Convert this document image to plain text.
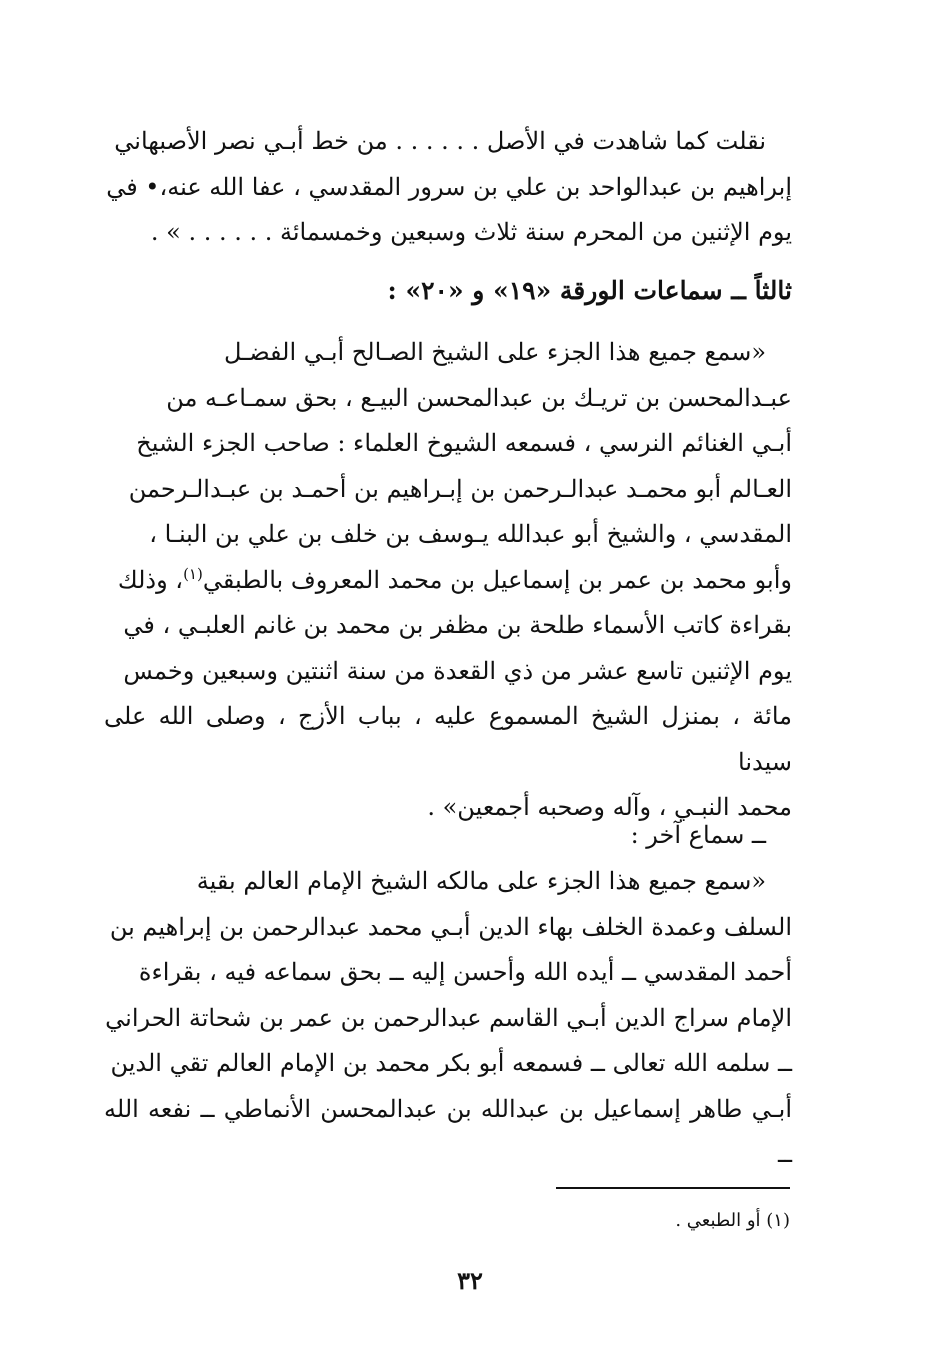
نقلت كما شاهدت في الأصل . . . . . . من خط أبـي نصر الأصبهاني

إبراهيم بن عبدالواحد بن علي بن سرور المقدسي ، عفا الله عنه،• في

يوم الإثنين من المحرم سنة ثلاث وسبعين وخمسمائة . . . . . . » .

ثالثاً ــ سماعات الورقة «١٩» و «٢٠» :

«سمع جميع هذا الجزء على الشيخ الصـالح أبـي الفضـل

عبـدالمحسن بن تريـك بن عبدالمحسن البيـع ، بحق سمـاعـه من

أبـي الغنائم النرسي ، فسمعه الشيوخ العلماء : صاحب الجزء الشيخ

العـالم أبو محمـد عبدالـرحمن بن إبـراهيم بن أحمـد بن عبـدالـرحمن

المقدسي ، والشيخ أبو عبدالله يـوسف بن خلف بن علي بن البنـا ،

وأبو محمد بن عمر بن إسماعيل بن محمد المعروف بالطبقي$^{(١)}$، وذلك

بقراءة كاتب الأسماء طلحة بن مظفر بن محمد بن غانم العلبـي ، في

يوم الإثنين تاسع عشر من ذي القعدة من سنة اثنتين وسبعين وخمس

مائة ، بمنزل الشيخ المسموع عليه ، بباب الأزج ، وصلى الله على سيدنا

محمد النبـي ، وآله وصحبه أجمعين» .

ــ سماع آخر :

«سمع جميع هذا الجزء على مالكه الشيخ الإمام العالم بقية

السلف وعمدة الخلف بهاء الدين أبـي محمد عبدالرحمن بن إبراهيم بن

أحمد المقدسي ــ أيده الله وأحسن إليه ــ بحق سماعه فيه ، بقراءة

الإمام سراج الدين أبـي القاسم عبدالرحمن بن عمر بن شحاتة الحراني

ــ سلمه الله تعالى ــ فسمعه أبو بكر محمد بن الإمام العالم تقي الدين

أبـي طاهر إسماعيل بن عبدالله بن عبدالمحسن الأنماطي ــ نفعه الله ــ

(١) أو الطبعي .
٣٢
